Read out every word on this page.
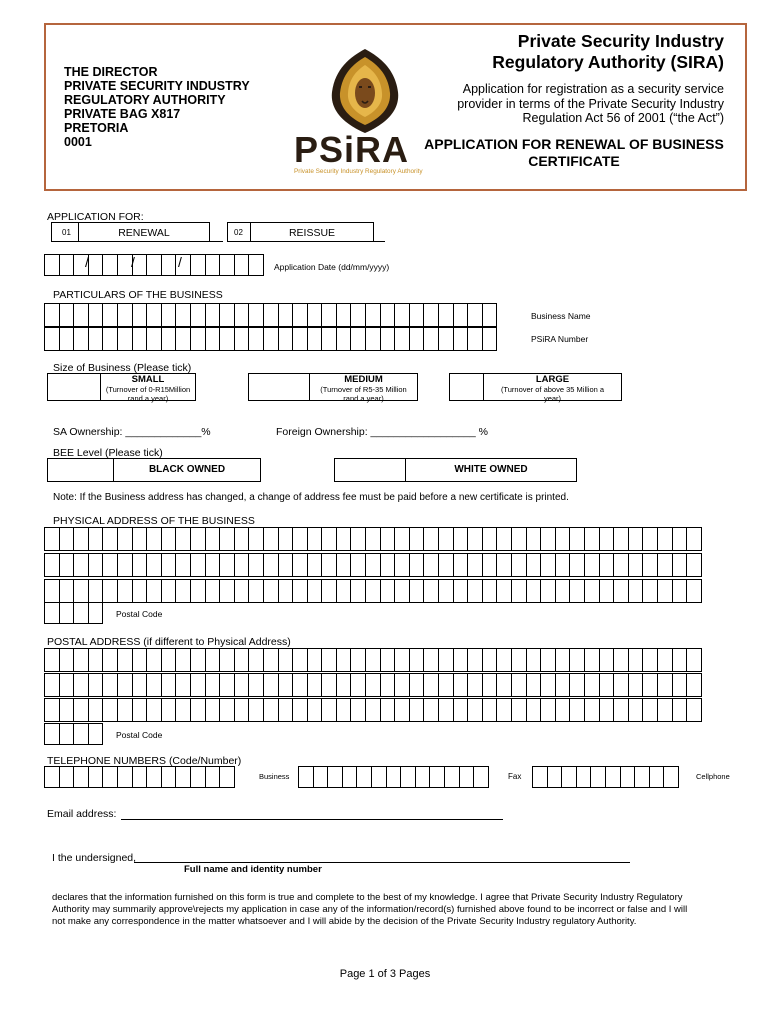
THE DIRECTOR
PRIVATE SECURITY INDUSTRY
REGULATORY AUTHORITY
PRIVATE BAG X817
PRETORIA
0001	PSiRA
Private Security Industry Regulatory Authority
Private Security Industry Regulatory Authority (SIRA)
Application for registration as a security service provider in terms of the Private Security Industry Regulation Act 56 of 2001 (“the Act”)
APPLICATION FOR RENEWAL OF BUSINESS CERTIFICATE
APPLICATION FOR:
01	RENEWAL	02	REISSUE
/	/	/	Application Date (dd/mm/yyyy)
PARTICULARS OF THE BUSINESS
Business Name
PSiRA Number
Size of Business (Please tick)
SMALL
(Turnover of 0-R15Million rand a year)
MEDIUM
(Turnover of R5-35 Million rand a year)
LARGE
(Turnover of above 35 Million a year)
SA Ownership: _____________%	Foreign Ownership: __________________ %
BEE Level (Please tick)
BLACK OWNED	WHITE OWNED
Note: If the Business address has changed, a change of address fee must be paid before a new certificate is printed.
PHYSICAL ADDRESS OF THE BUSINESS
Postal Code
POSTAL ADDRESS (if different to Physical Address)
Postal Code
TELEPHONE NUMBERS (Code/Number)
Business	Fax	Cellphone
Email address:
I the undersigned,
Full name and identity number
declares that the information furnished on this form is true and complete to the best of my knowledge. I agree that Private Security Industry Regulatory Authority may summarily approve\rejects my application in case any of the information/record(s) furnished above found to be incorrect or false and I will not make any correspondence in the matter whatsoever and I will abide by the decision of the Private Security Industry regulatory Authority.
Page 1 of 3 Pages
